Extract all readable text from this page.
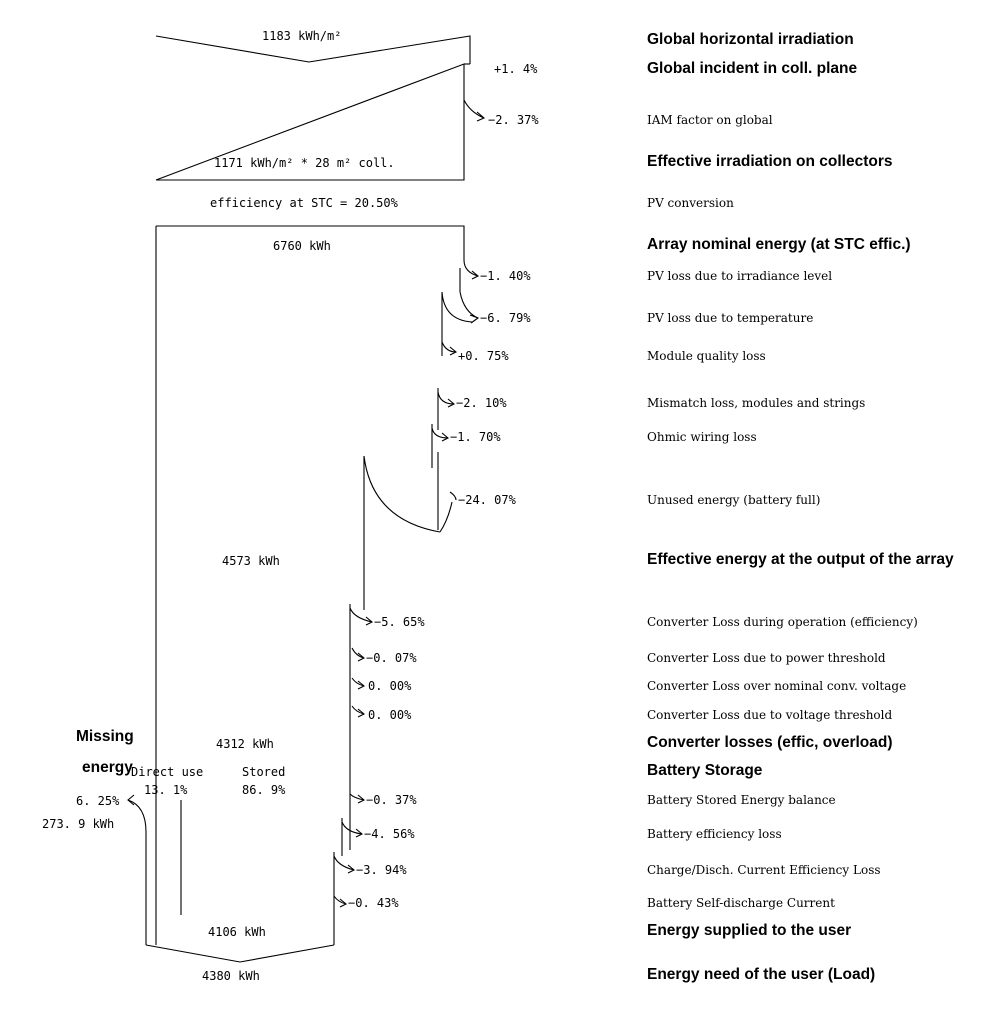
1183 kWh/m²
1171 kWh/m² * 28 m² coll.
efficiency at STC = 20.50%
6760 kWh
4573 kWh
4312 kWh
4106 kWh
4380 kWh
Missing
energy
6. 25%
273. 9 kWh
Direct use
13. 1%
Stored
86. 9%
+1. 4%
−2. 37%
−1. 40%
−6. 79%
+0. 75%
−2. 10%
−1. 70%
−24. 07%
−5. 65%
−0. 07%
0. 00%
0. 00%
−0. 37%
−4. 56%
−3. 94%
−0. 43%
Global horizontal irradiation
Global incident in coll. plane
IAM factor on global
Effective irradiation on collectors
PV conversion
Array nominal energy (at STC effic.)
PV loss due to irradiance level
PV loss due to temperature
Module quality loss
Mismatch loss, modules and strings
Ohmic wiring loss
Unused energy (battery full)
Effective energy at the output of the array
Converter Loss during operation (efficiency)
Converter Loss due to power threshold
Converter Loss over nominal conv. voltage
Converter Loss due to voltage threshold
Converter losses (effic, overload)
Battery Storage
Battery Stored Energy balance
Battery efficiency loss
Charge/Disch. Current Efficiency Loss
Battery Self-discharge Current
Energy supplied to the user
Energy need of the user (Load)
